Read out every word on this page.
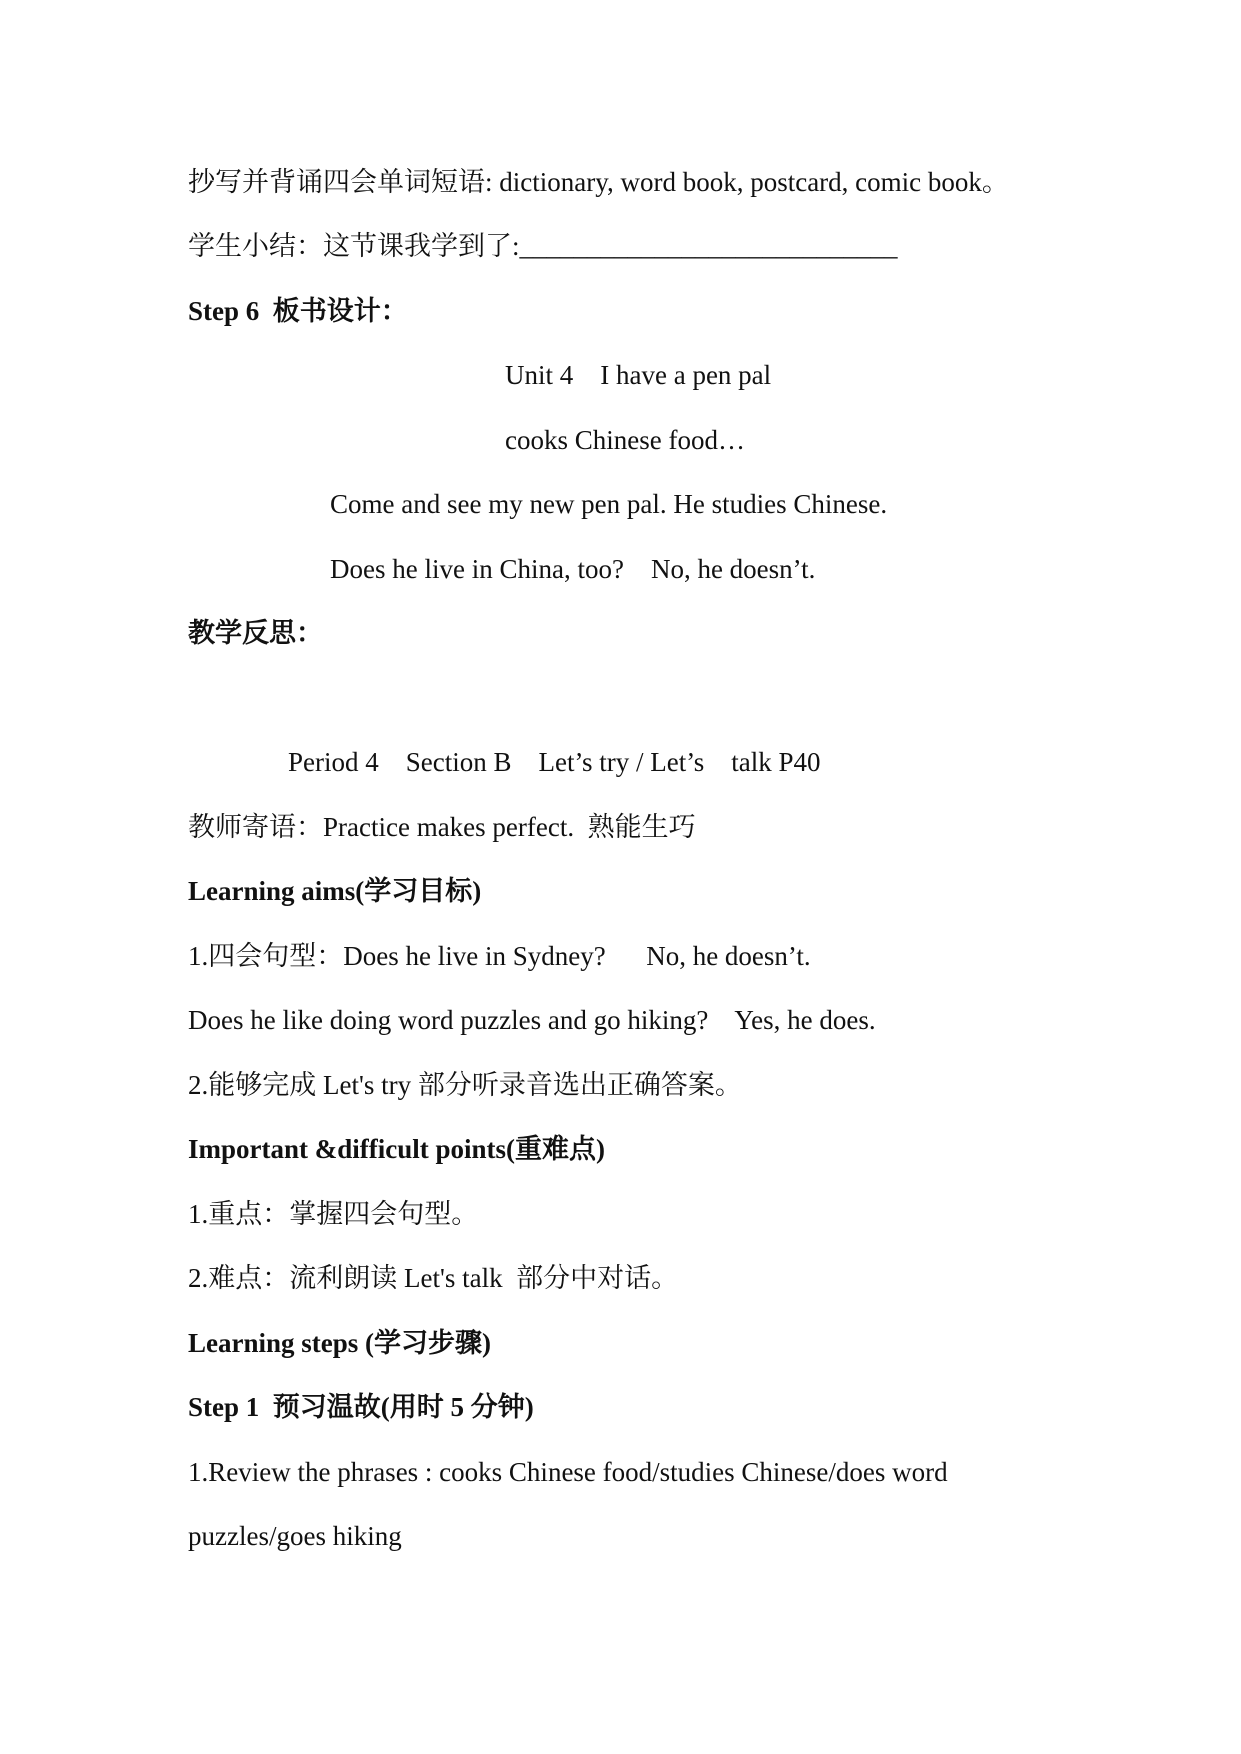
抄写并背诵四会单词短语: dictionary, word book, postcard, comic book。
学生小结：这节课我学到了:____________________________
Step 6  板书设计：
Unit 4    I have a pen pal
cooks Chinese food…
Come and see my new pen pal. He studies Chinese.
Does he live in China, too?    No, he doesn’t.
教学反思：
Period 4    Section B    Let’s try / Let’s    talk P40
教师寄语：Practice makes perfect.  熟能生巧
Learning aims(学习目标)
1.四会句型：Does he live in Sydney?      No, he doesn’t.
Does he like doing word puzzles and go hiking?    Yes, he does.
2.能够完成 Let's try 部分听录音选出正确答案。
Important &difficult points(重难点)
1.重点：掌握四会句型。
2.难点：流利朗读 Let's talk  部分中对话。
Learning steps (学习步骤)
Step 1  预习温故(用时 5 分钟)
1.Review the phrases : cooks Chinese food/studies Chinese/does word
puzzles/goes hiking
